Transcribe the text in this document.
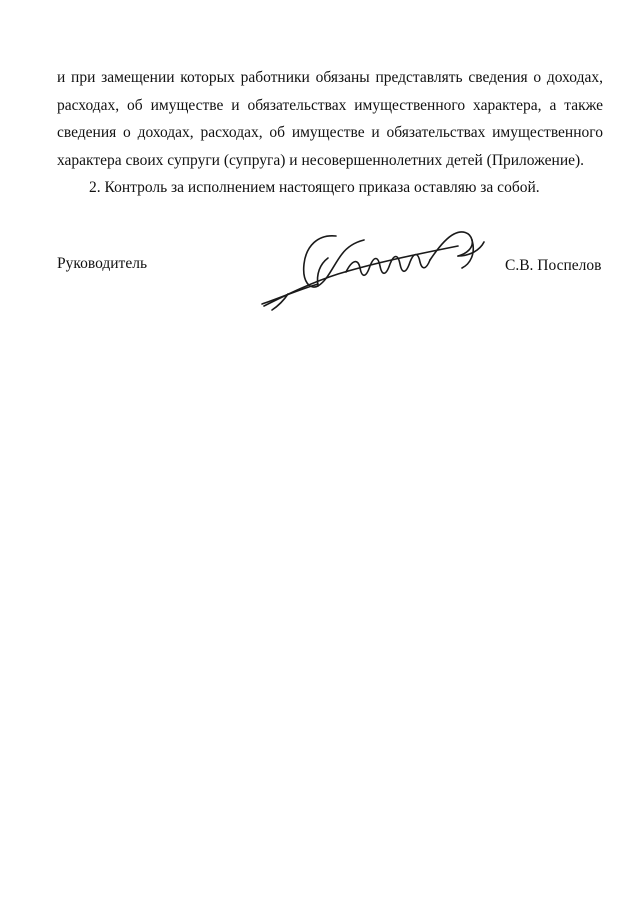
и при замещении которых работники обязаны представлять сведения о доходах,
расходах, об имуществе и обязательствах имущественного характера, а также
сведения о доходах, расходах, об имуществе и обязательствах имущественного
характера своих супруги (супруга) и несовершеннолетних детей (Приложение).

2. Контроль за исполнением настоящего приказа оставляю за собой.

Руководитель	С.В. Поспелов
